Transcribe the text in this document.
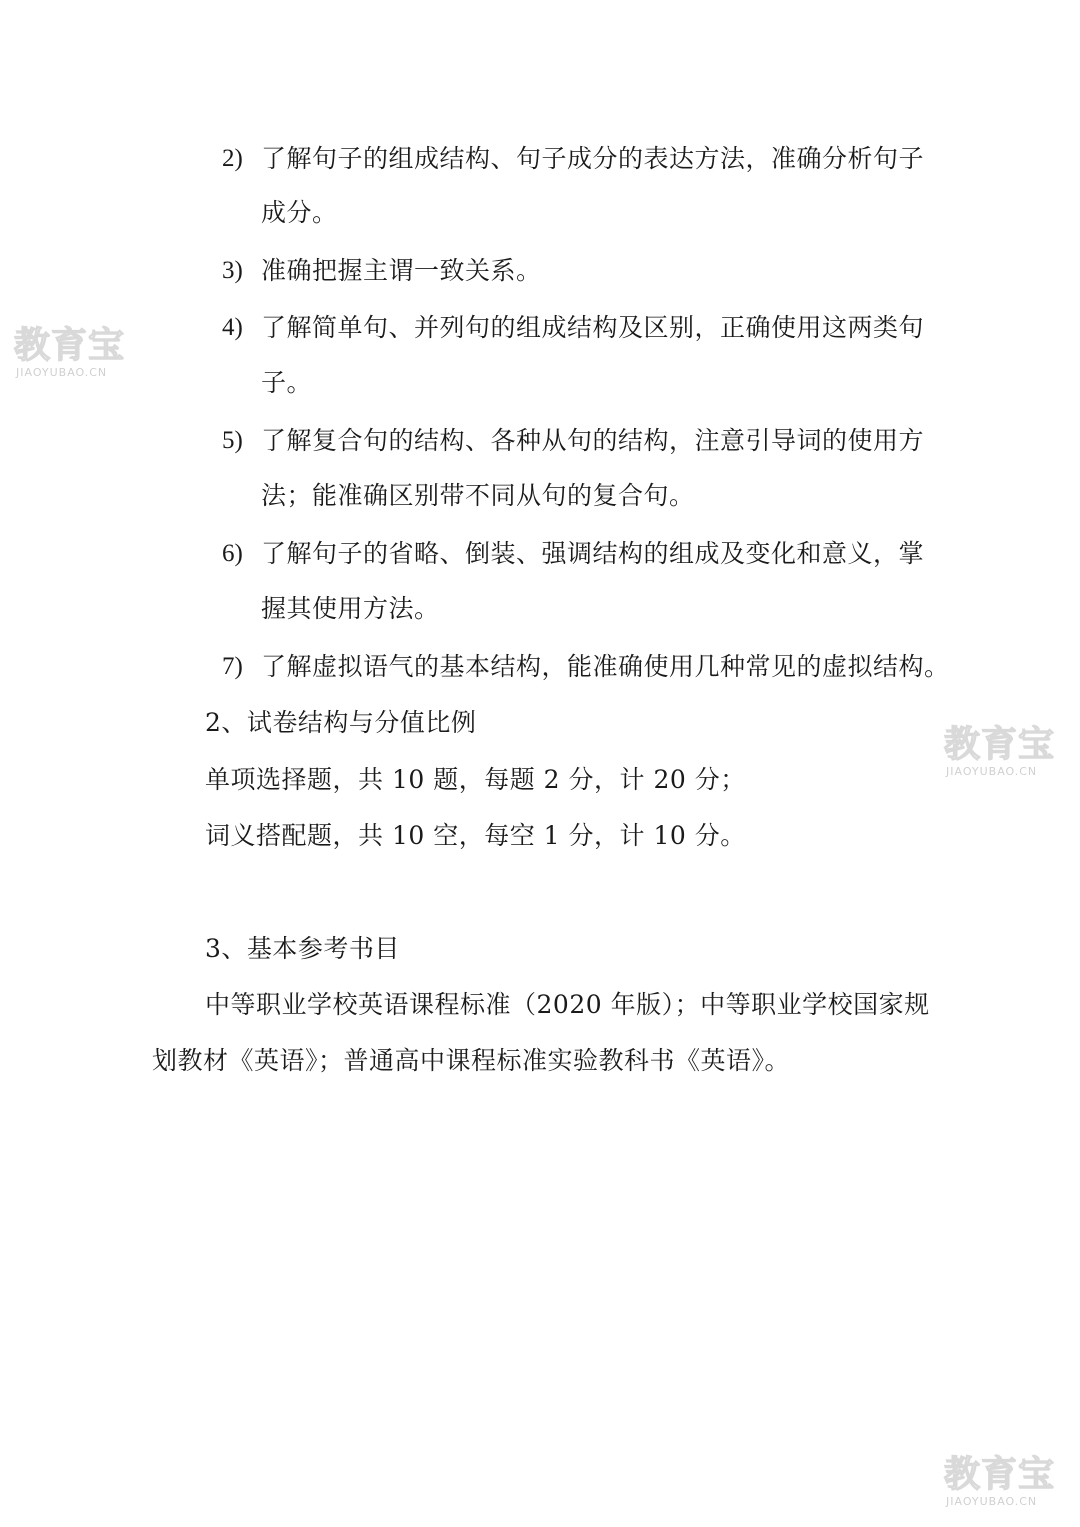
2) 了解句子的组成结构、句子成分的表达方法，准确分析句子
成分。
3) 准确把握主谓一致关系。
4) 了解简单句、并列句的组成结构及区别，正确使用这两类句
子。
5) 了解复合句的结构、各种从句的结构，注意引导词的使用方
法；能准确区别带不同从句的复合句。
6) 了解句子的省略、倒装、强调结构的组成及变化和意义，掌
握其使用方法。
7) 了解虚拟语气的基本结构，能准确使用几种常见的虚拟结构。
2、试卷结构与分值比例
单项选择题，共 10 题，每题 2 分，计 20 分；
词义搭配题，共 10 空，每空 1 分，计 10 分。
3、基本参考书目
中等职业学校英语课程标准（2020 年版）；中等职业学校国家规
划教材《英语》；普通高中课程标准实验教科书《英语》。
教育宝
JIAOYUBAO.CN
教育宝
JIAOYUBAO.CN
教育宝
JIAOYUBAO.CN
